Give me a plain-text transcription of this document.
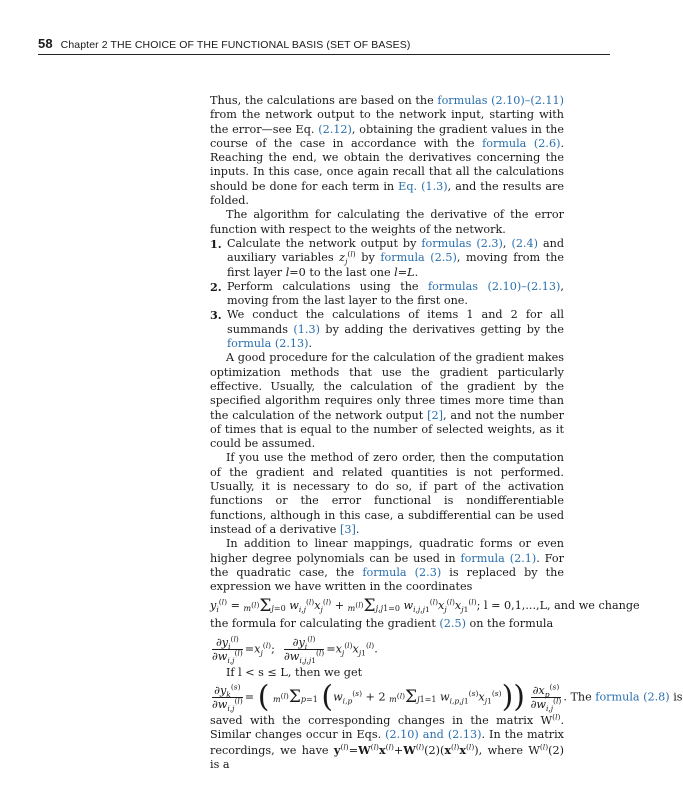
58 Chapter 2 THE CHOICE OF THE FUNCTIONAL BASIS (SET OF BASES)

Thus, the calculations are based on the formulas (2.10)–(2.11) from the network output to the network input, starting with the error—see Eq. (2.12), obtaining the gradient values in the course of the case in accordance with the formula (2.6). Reaching the end, we obtain the derivatives concerning the inputs. In this case, once again recall that all the calculations should be done for each term in Eq. (1.3), and the results are folded.

The algorithm for calculating the derivative of the error function with respect to the weights of the network.

1. Calculate the network output by formulas (2.3), (2.4) and auxiliary variables $z_j^{(l)}$ by formula (2.5), moving from the first layer l=0 to the last one l=L.
2. Perform calculations using the formulas (2.10)–(2.13), moving from the last layer to the first one.
3. We conduct the calculations of items 1 and 2 for all summands (1.3) by adding the derivatives getting by the formula (2.13).

A good procedure for the calculation of the gradient makes optimization methods that use the gradient particularly effective. Usually, the calculation of the gradient by the specified algorithm requires only three times more time than the calculation of the network output [2], and not the number of times that is equal to the number of selected weights, as it could be assumed.

If you use the method of zero order, then the computation of the gradient and related quantities is not performed. Usually, it is necessary to do so, if part of the activation functions or the error functional is nondifferentiable functions, although in this case, a subdifferential can be used instead of a derivative [3].

In addition to linear mappings, quadratic forms or even higher degree polynomials can be used in formula (2.1). For the quadratic case, the formula (2.3) is replaced by the expression we have written in the coordinates

$y_i^{(l)} = m^{(l)}\Sigma j=0$ $w_{i,j}^{(l)}x_j^{(l)} + m^{(l)}\Sigma j,j1=0$ $w_{i,j,j1}^{(l)}x_j^{(l)}x_{j1}^{(l)}$; l = 0,1,...,L, and we change

the formula for calculating the gradient (2.5) on the formula

$\frac{\partial y_i^{(l)}}{\partial w_{i,j}^{(l)}} =x_j^{(l)}$; $\frac{\partial y_i^{(l)}}{\partial w_{i,j,j1}^{(l)}} =x_j^{(l)}x_{j1}^{(l)}$.

If l < s ≤ L, then we get

$\frac{\partial y_k^{(s)}}{\partial w_{i,j}^{(l)}}$ = ( $m^{(l)}\Sigma p=1$ ($w_{i,p}^{(s)} + 2$ $m^{(l)}\Sigma j1=1$ $w_{i,p,j1}^{(s)}x_{j1}^{(s)})) \frac{\partial x_p^{(s)}}{\partial w_{i,j}^{(l)}}$ . The formula (2.8) is

saved with the corresponding changes in the matrix $W^{(l)}$. Similar changes occur in Eqs. (2.10) and (2.13). In the matrix recordings, we have $y^{(l)}=W^{(l)}x^{(l)}+W^{(l)}(2)(x^{(l)}x^{(l)})$, where $W^{(l)}(2)$ is a
